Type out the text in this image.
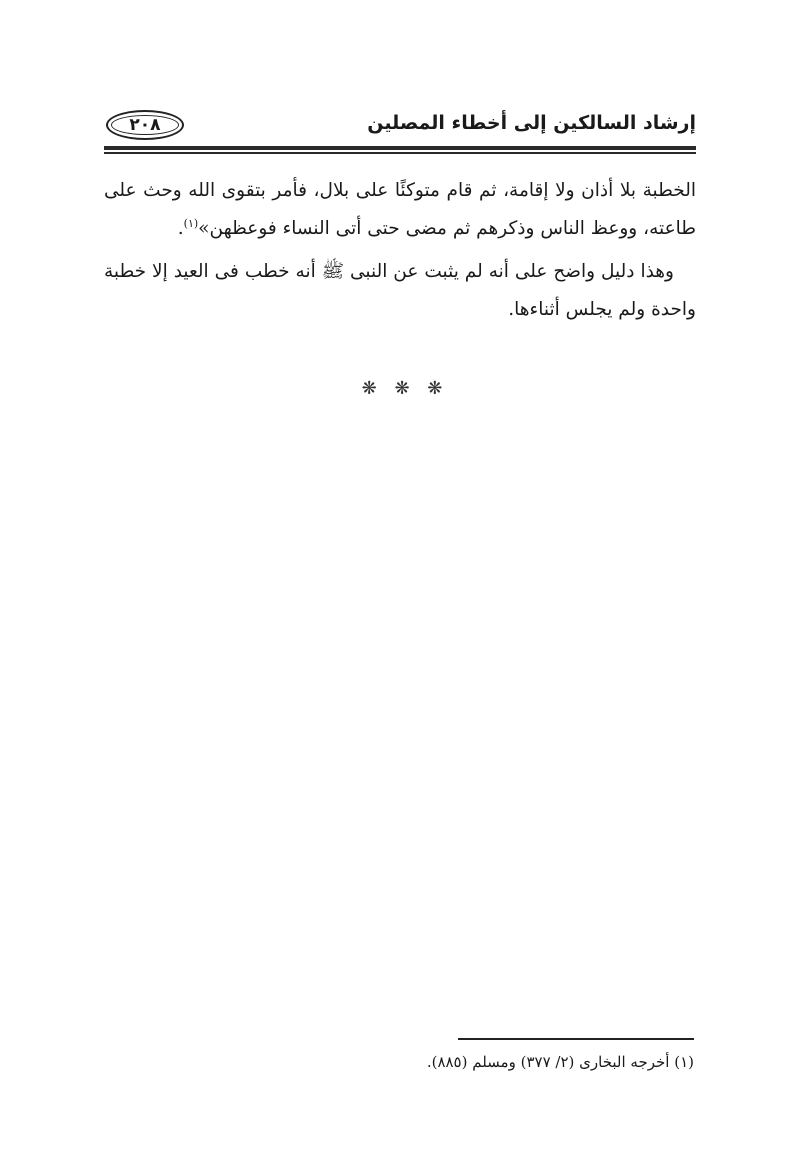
٢٠٨	إرشاد السالكين إلى أخطاء المصلين

الخطبة بلا أذان ولا إقامة، ثم قام متوكئًا على بلال، فأمر بتقوى الله وحث على طاعته، ووعظ الناس وذكرهم ثم مضى حتى أتى النساء فوعظهن»$^{(١)}$.

وهذا دليل واضح على أنه لم يثبت عن النبى ﷺ أنه خطب فى العيد إلا خطبة واحدة ولم يجلس أثناءها.

❋ ❋ ❋
(١) أخرجه البخارى (٢/ ٣٧٧) ومسلم (٨٨٥).
